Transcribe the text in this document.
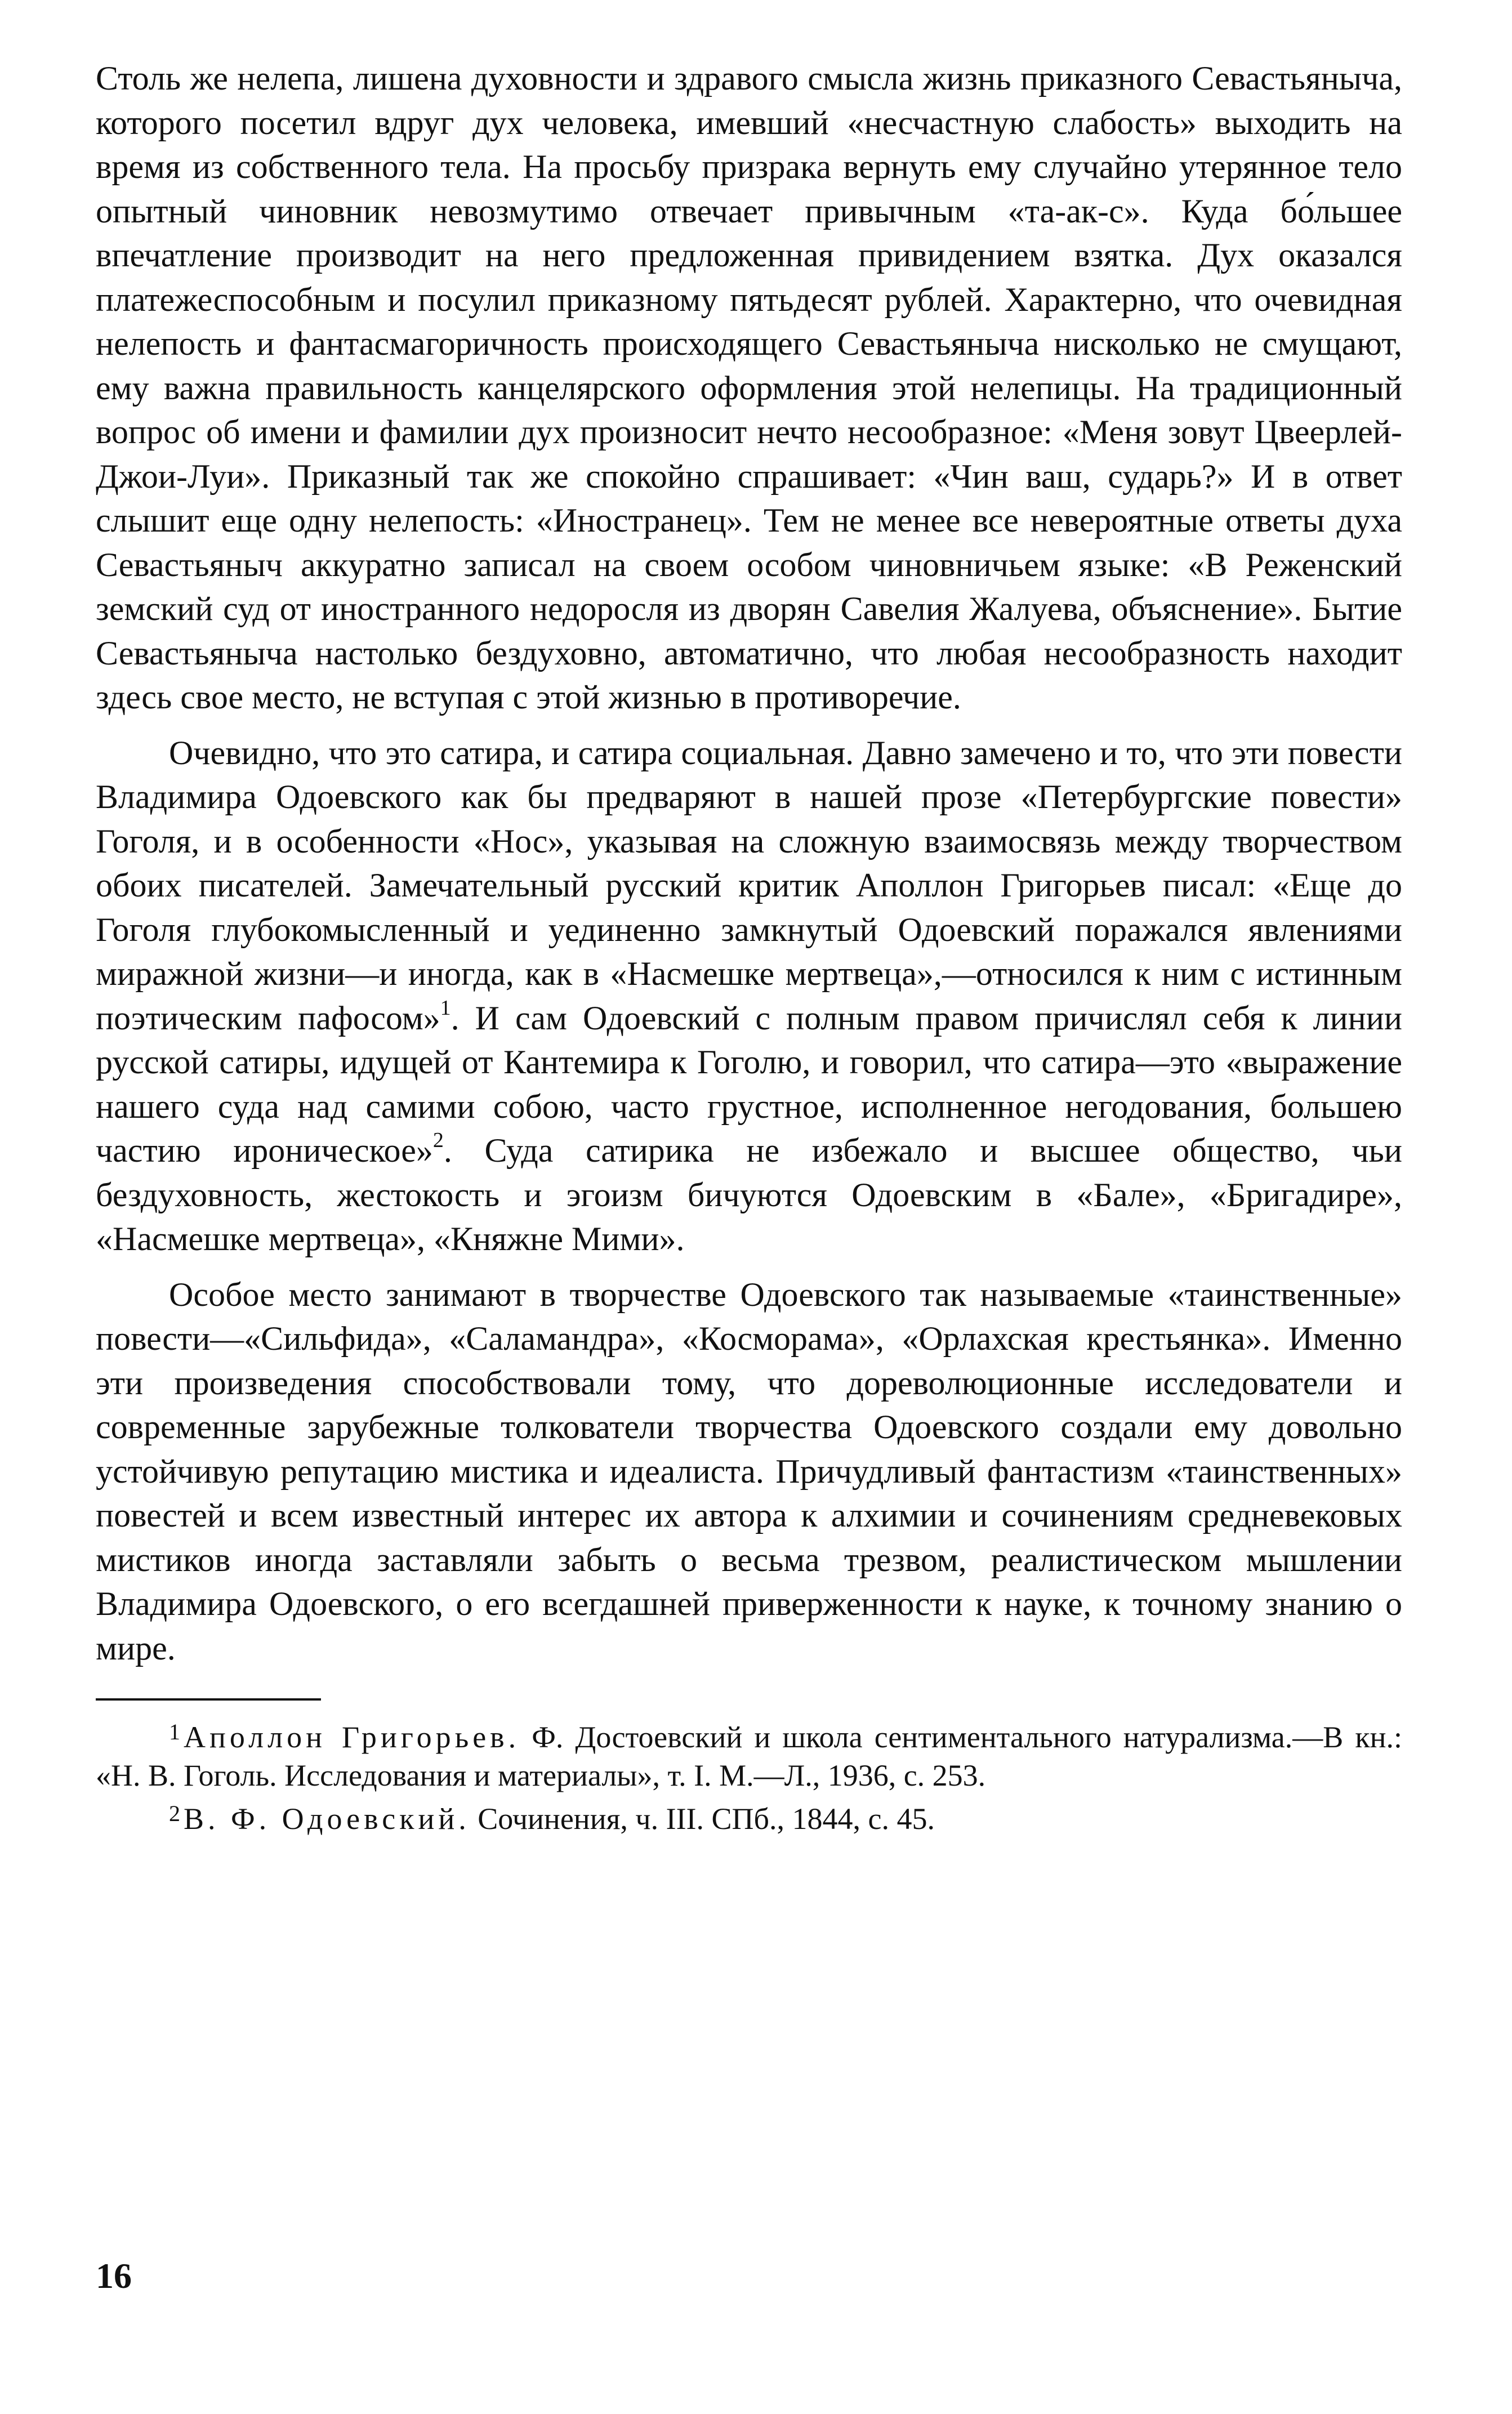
Столь же нелепа, лишена духовности и здравого смысла жизнь приказного Севастьяныча, которого посетил вдруг дух человека, имевший «несчастную слабость» выходить на время из собственного тела. На просьбу призрака вернуть ему случайно утерянное тело опытный чиновник невозмутимо отвечает привычным «та-ак-с». Куда бо́льшее впечатление производит на него предложенная привидением взятка. Дух оказался платежеспособным и посулил приказному пятьдесят рублей. Характерно, что очевидная нелепость и фантасмагоричность происходящего Севастьяныча нисколько не смущают, ему важна правильность канцелярского оформления этой нелепицы. На традиционный вопрос об имени и фамилии дух произносит нечто несообразное: «Меня зовут Цвеерлей-Джои-Луи». Приказный так же спокойно спрашивает: «Чин ваш, сударь?» И в ответ слышит еще одну нелепость: «Иностранец». Тем не менее все невероятные ответы духа Севастьяныч аккуратно записал на своем особом чиновничьем языке: «В Реженский земский суд от иностранного недоросля из дворян Савелия Жалуева, объяснение». Бытие Севастьяныча настолько бездуховно, автоматично, что любая несообразность находит здесь свое место, не вступая с этой жизнью в противоречие.

Очевидно, что это сатира, и сатира социальная. Давно замечено и то, что эти повести Владимира Одоевского как бы предваряют в нашей прозе «Петербургские повести» Гоголя, и в особенности «Нос», указывая на сложную взаимосвязь между творчеством обоих писателей. Замечательный русский критик Аполлон Григорьев писал: «Еще до Гоголя глубокомысленный и уединенно замкнутый Одоевский поражался явлениями миражной жизни—и иногда, как в «Насмешке мертвеца»,—относился к ним с истинным поэтическим пафосом»$^1$. И сам Одоевский с полным правом причислял себя к линии русской сатиры, идущей от Кантемира к Гоголю, и говорил, что сатира—это «выражение нашего суда над самими собою, часто грустное, исполненное негодования, большею частию ироническое»$^2$. Суда сатирика не избежало и высшее общество, чьи бездуховность, жестокость и эгоизм бичуются Одоевским в «Бале», «Бригадире», «Насмешке мертвеца», «Княжне Мими».

Особое место занимают в творчестве Одоевского так называемые «таинственные» повести—«Сильфида», «Саламандра», «Косморама», «Орлахская крестьянка». Именно эти произведения способствовали тому, что дореволюционные исследователи и современные зарубежные толкователи творчества Одоевского создали ему довольно устойчивую репутацию мистика и идеалиста. Причудливый фантастизм «таинственных» повестей и всем известный интерес их автора к алхимии и сочинениям средневековых мистиков иногда заставляли забыть о весьма трезвом, реалистическом мышлении Владимира Одоевского, о его всегдашней приверженности к науке, к точному знанию о мире.

$^1$ Аполлон Григорьев. Ф. Достоевский и школа сентиментального натурализма.—В кн.: «Н. В. Гоголь. Исследования и материалы», т. I. М.—Л., 1936, с. 253.

$^2$ В. Ф. Одоевский. Сочинения, ч. III. СПб., 1844, с. 45.

16
